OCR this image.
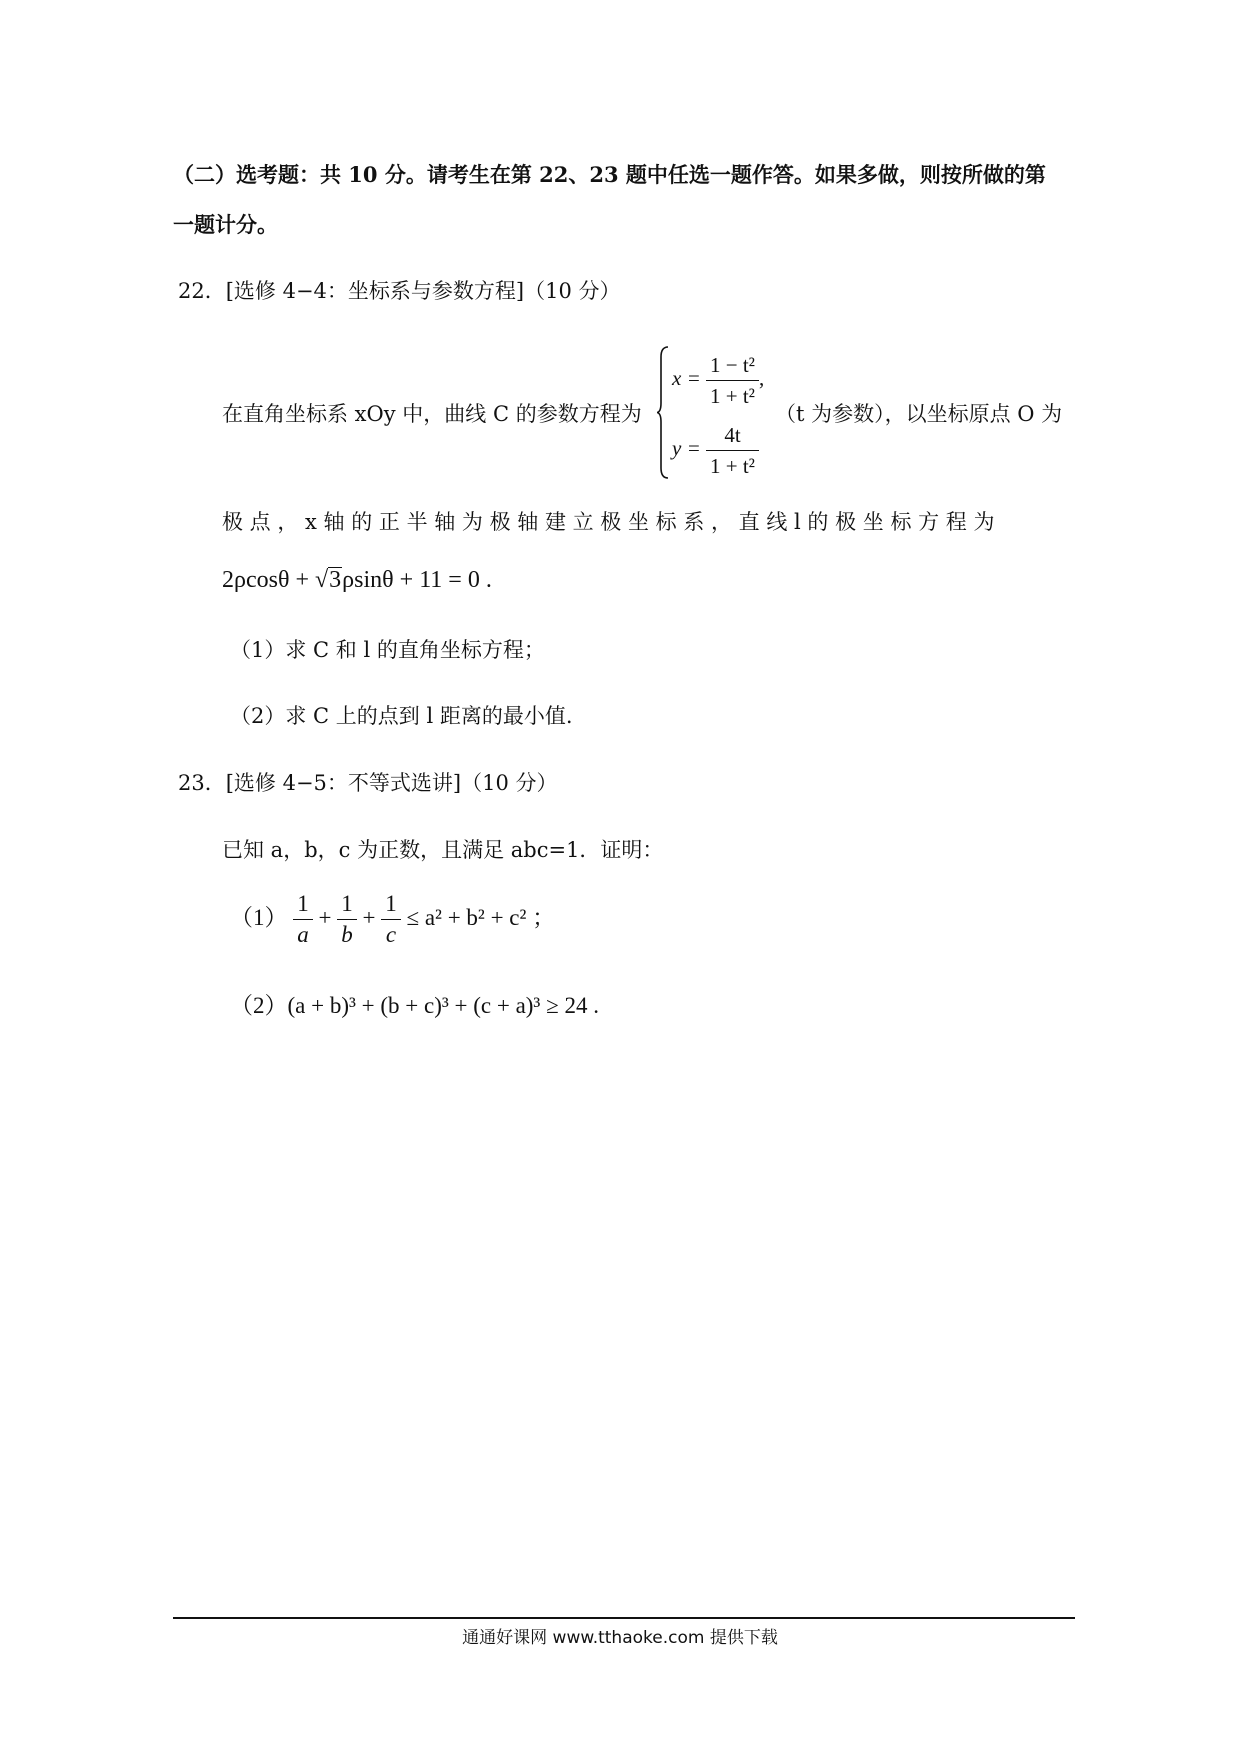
（二）选考题：共 10 分。请考生在第 22、23 题中任选一题作答。如果多做，则按所做的第
一题计分。
22．[选修 4−4：坐标系与参数方程]（10 分）
在直角坐标系 xOy 中，曲线 C 的参数方程为
$x = \frac{\text{1 − t²}}{\text{1 + t²}}$ ,
$y = \frac{4t}{\text{1 + t²}}$
（t 为参数），以坐标原点 O 为
极 点 ， x 轴 的 正 半 轴 为 极 轴 建 立 极 坐 标 系 ， 直 线 l 的 极 坐 标 方 程 为
2ρcosθ + √3ρsinθ + 11 = 0 .
（1）求 C 和 l 的直角坐标方程；
（2）求 C 上的点到 l 距离的最小值.
23．[选修 4−5：不等式选讲]（10 分）
已知 a，b，c 为正数，且满足 abc=1．证明：
$(1) \frac{1}{a} + \frac{1}{b} + \frac{1}{c} \le a^2 + b^2 + c^2$ ；
（2）(a + b)³ + (b + c)³ + (c + a)³ ≥ 24 .
通通好课网 www.tthaoke.com 提供下载
